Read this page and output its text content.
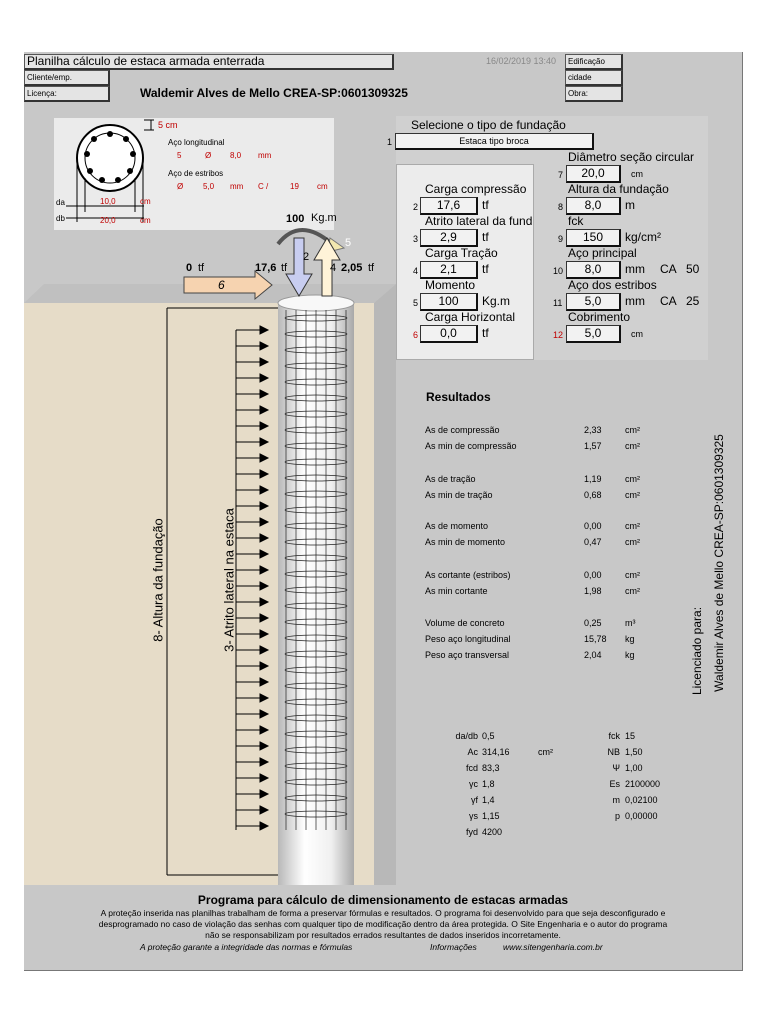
Planilha cálculo de estaca armada enterrada	16/02/2019 13:40	Edificação
Cliente/emp.	cidade
Licença:	Waldemir Alves de Mello CREA-SP:0601309325	Obra:
5 cm
Aço longitudinal
5	Ø 8,0 mm
Aço de estribos
Ø 5,0 mm C /	19 cm
da	10,0	cm
db	20,0	cm	100 Kg.m
0 tf	17,6 tf	2,05 tf
2
4
5
6
8- Altura da fundação	3- Atrito lateral na estaca	Licenciado para: Waldemir Alves de Mello CREA-SP:0601309325
Selecione o tipo de fundação
1	Estaca tipo broca
Carga compressão
2	17,6	tf
Atrito lateral da fund
3	2,9	tf
Carga Tração
4	2,1	tf
Momento
5	100	Kg.m
Carga Horizontal
6	0,0	tf
Diâmetro seção circular
7	20,0	cm
Altura da fundação
8	8,0	m
fck
9	150	kg/cm²
Aço principal
10	8,0	mm CA   50
Aço dos estribos
11	5,0	mm CA   25
Cobrimento
12	5,0	cm
Resultados
As de compressão	2,33	cm²
As min de compressão	1,57	cm²
As de tração	1,19	cm²
As min de tração	0,68	cm²
As de momento	0,00	cm²
As min de momento	0,47	cm²
As cortante (estribos)	0,00	cm²
As min cortante	1,98	cm²
Volume de concreto	0,25	m³
Peso aço longitudinal	15,78 kg
Peso aço transversal	2,04	kg
da/db 0,5
Ac 314,16	cm²
fcd 83,3
γc 1,8
γf 1,4
γs 1,15
fyd 4200
fck 15
NB 1,50
Ψ 1,00
Es 2100000
m 0,02100
p 0,00000
Programa para cálculo de dimensionamento de estacas armadas
A proteção inserida nas planilhas trabalham de forma a preservar fórmulas e resultados. O programa foi desenvolvido para que seja desconfigurado e
desprogramado no caso de violação das senhas com qualquer tipo de modificação dentro da área protegida. O Site Engenharia e o autor do programa
não se responsabilizam por resultados errados resultantes de dados inseridos incorretamente.
A proteção garante a integridade das normas e fórmulas	Informações	www.sitengenharia.com.br
